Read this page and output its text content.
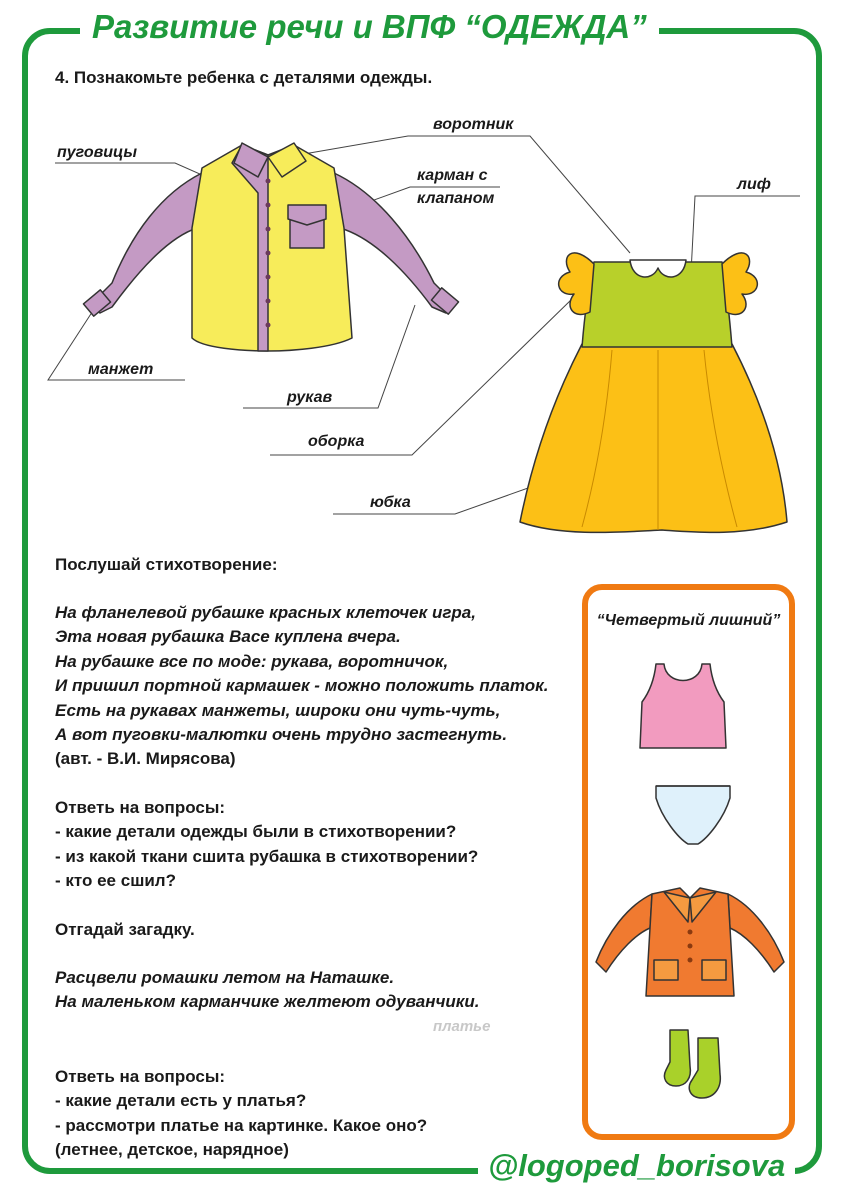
Развитие речи и ВПФ “ОДЕЖДА”
@logoped_borisova
4. Познакомьте ребенка с деталями одежды.
пуговицы
воротник
карман с
клапаном
лиф
манжет
рукав
оборка
юбка
Послушай стихотворение:
На фланелевой рубашке красных клеточек игра,
Эта новая рубашка Васе куплена вчера.
На рубашке все по моде: рукава, воротничок,
И пришил портной кармашек - можно положить платок.
Есть на рукавах манжеты, широки они чуть-чуть,
А вот пуговки-малютки очень трудно застегнуть.
(авт. - В.И. Мирясова)
Ответь на вопросы:
- какие детали одежды были в стихотворении?
- из какой ткани сшита рубашка в стихотворении?
- кто ее сшил?
Отгадай загадку.
Расцвели ромашки летом на Наташке.
На маленьком карманчике желтеют одуванчики.
платье
Ответь на вопросы:
- какие детали есть у платья?
- рассмотри платье на картинке. Какое оно?
(летнее, детское, нарядное)
“Четвертый лишний”
